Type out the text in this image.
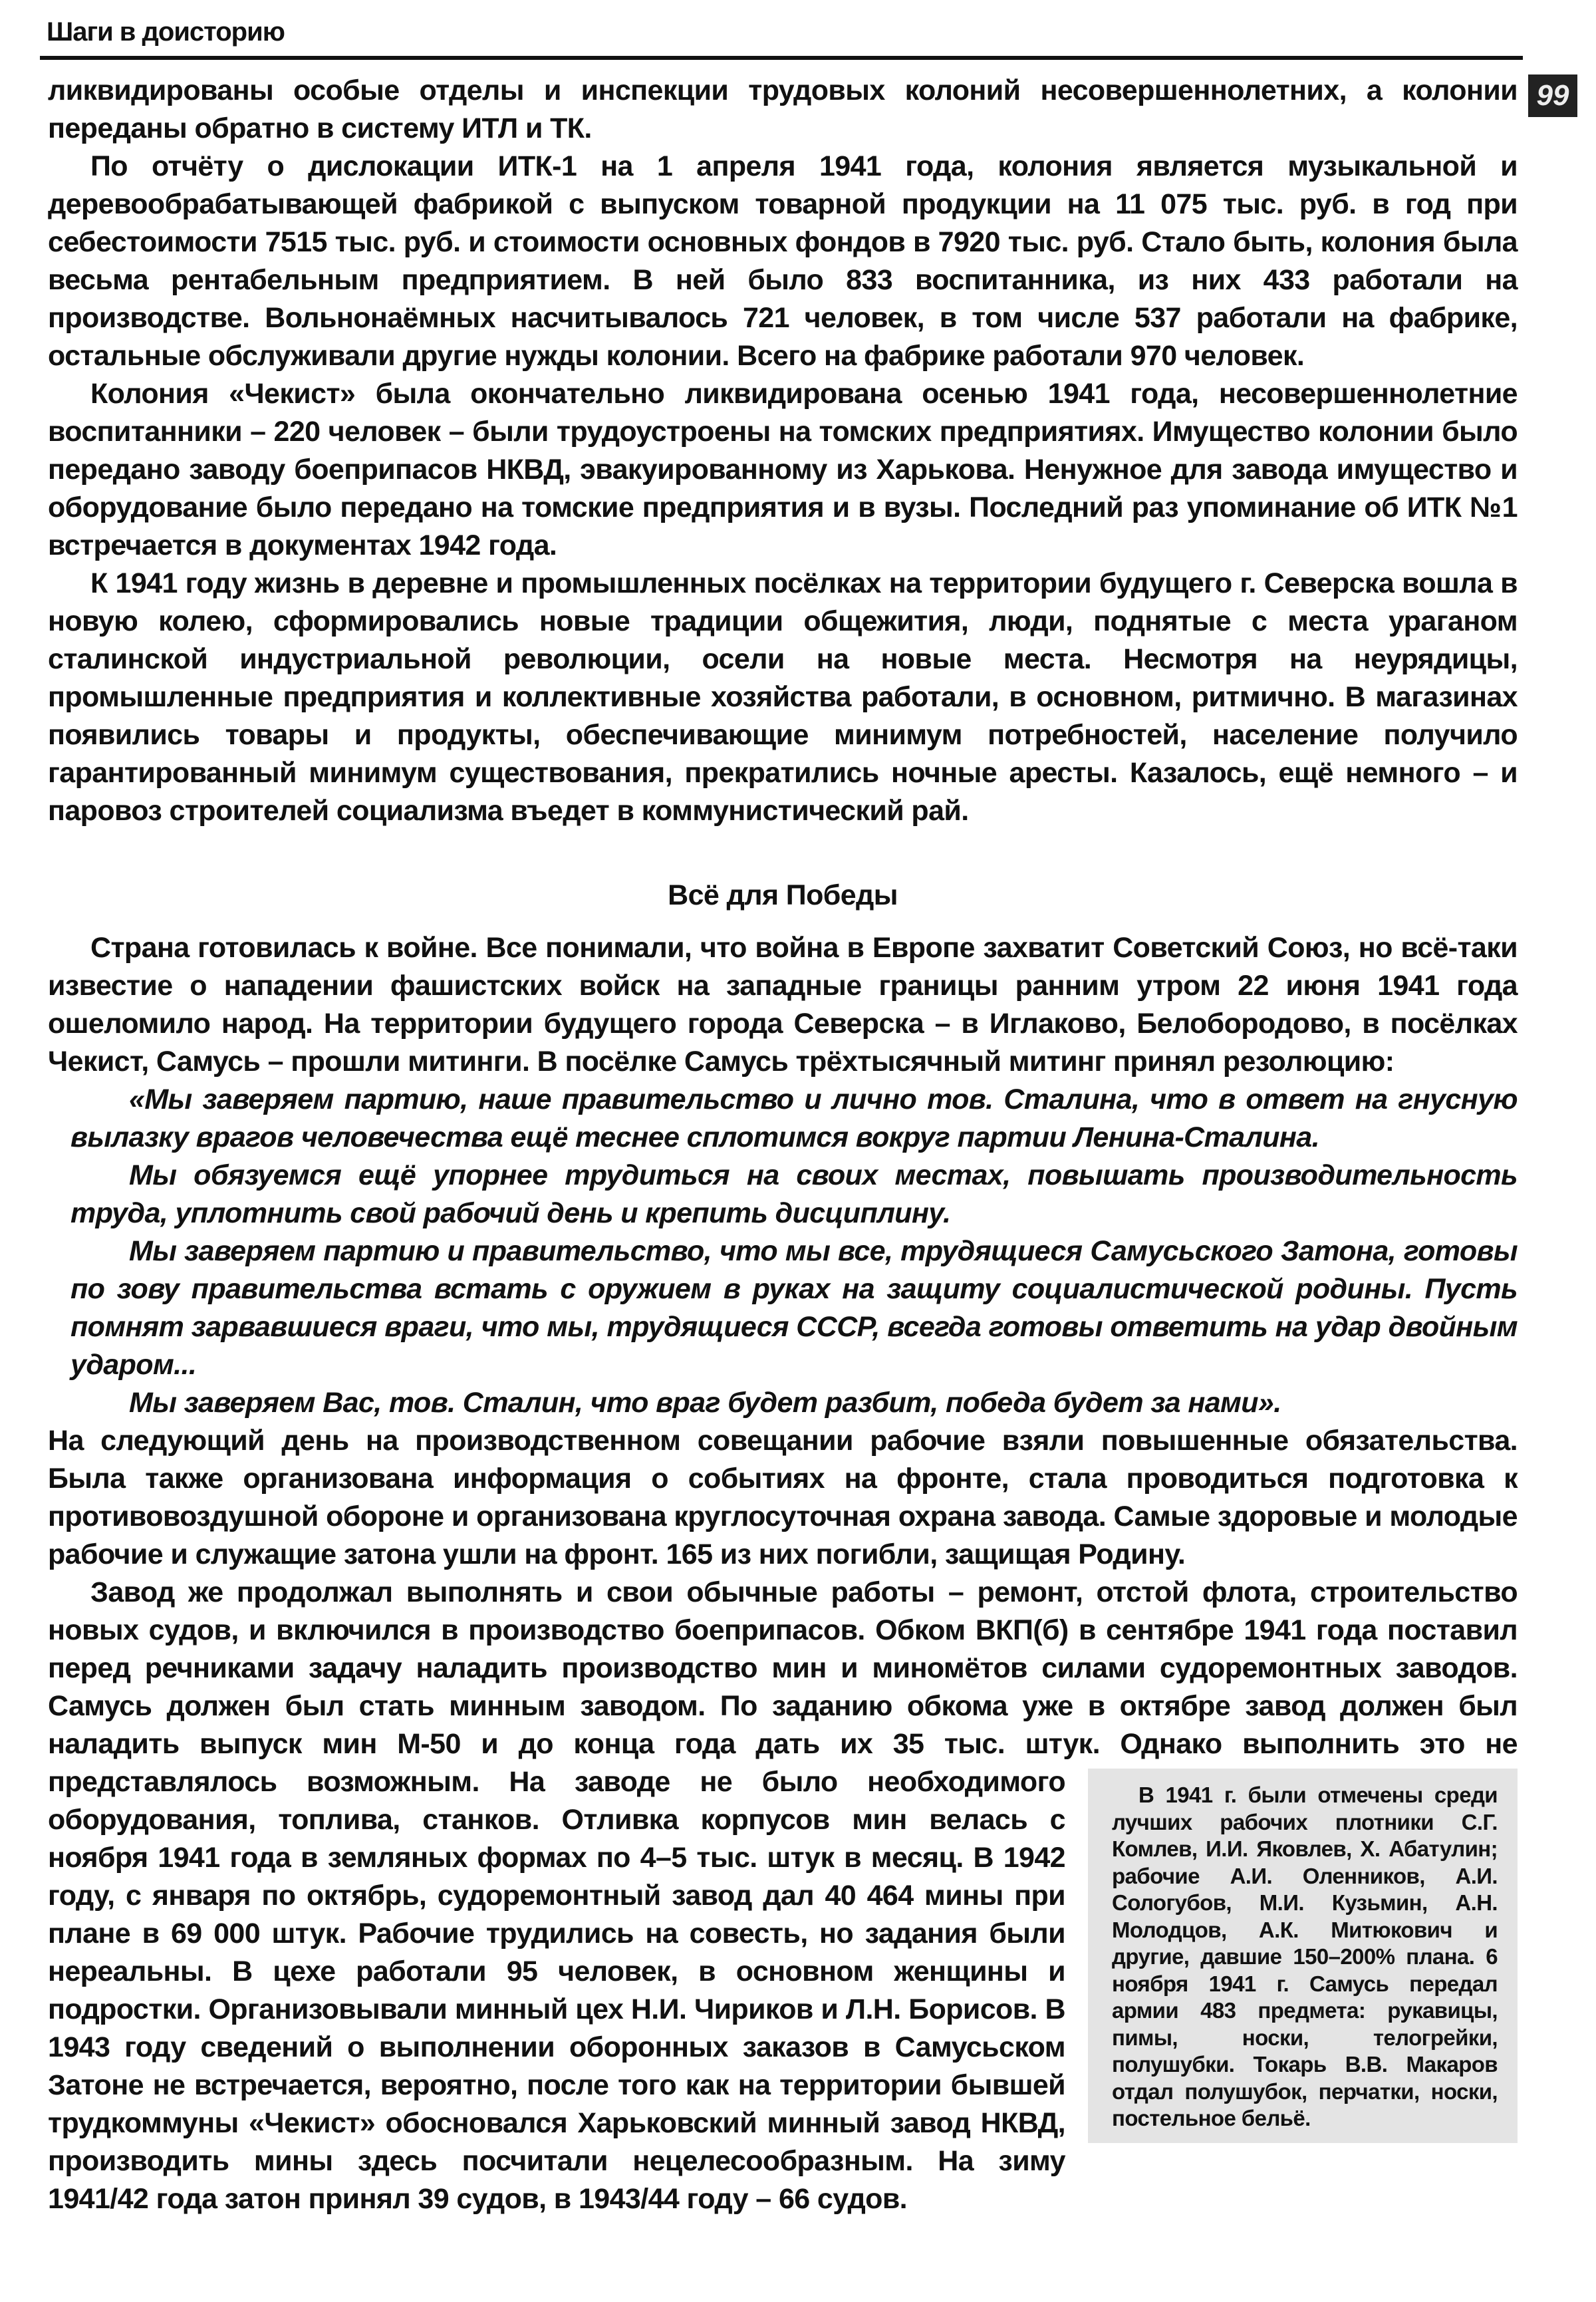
Шаги в доисторию
99

ликвидированы особые отделы и инспекции трудовых колоний несовершеннолетних, а колонии переданы обратно в систему ИТЛ и ТК.

По отчёту о дислокации ИТК-1 на 1 апреля 1941 года, колония является музыкальной и деревообрабатывающей фабрикой с выпуском товарной продукции на 11 075 тыс. руб. в год при себестоимости 7515 тыс. руб. и стоимости основных фондов в 7920 тыс. руб. Стало быть, колония была весьма рентабельным предприятием. В ней было 833 воспитанника, из них 433 работали на производстве. Вольнонаёмных насчитывалось 721 человек, в том числе 537 работали на фабрике, остальные обслуживали другие нужды колонии. Всего на фабрике работали 970 человек.

Колония «Чекист» была окончательно ликвидирована осенью 1941 года, несовершеннолетние воспитанники – 220 человек – были трудоустроены на томских предприятиях. Имущество колонии было передано заводу боеприпасов НКВД, эвакуированному из Харькова. Ненужное для завода имущество и оборудование было передано на томские предприятия и в вузы. Последний раз упоминание об ИТК №1 встречается в документах 1942 года.

К 1941 году жизнь в деревне и промышленных посёлках на территории будущего г. Северска вошла в новую колею, сформировались новые традиции общежития, люди, поднятые с места ураганом сталинской индустриальной революции, осели на новые места. Несмотря на неурядицы, промышленные предприятия и коллективные хозяйства работали, в основном, ритмично. В магазинах появились товары и продукты, обеспечивающие минимум потребностей, население получило гарантированный минимум существования, прекратились ночные аресты. Казалось, ещё немного – и паровоз строителей социализма въедет в коммунистический рай.

Всё для Победы

Страна готовилась к войне. Все понимали, что война в Европе захватит Советский Союз, но всё-таки известие о нападении фашистских войск на западные границы ранним утром 22 июня 1941 года ошеломило народ. На территории будущего города Северска – в Иглаково, Белобородово, в посёлках Чекист, Самусь – прошли митинги. В посёлке Самусь трёхтысячный митинг принял резолюцию:

«Мы заверяем партию, наше правительство и лично тов. Сталина, что в ответ на гнусную вылазку врагов человечества ещё теснее сплотимся вокруг партии Ленина-Сталина.

Мы обязуемся ещё упорнее трудиться на своих местах, повышать производительность труда, уплотнить свой рабочий день и крепить дисциплину.

Мы заверяем партию и правительство, что мы все, трудящиеся Самусьского Затона, готовы по зову правительства встать с оружием в руках на защиту социалистической родины. Пусть помнят зарвавшиеся враги, что мы, трудящиеся СССР, всегда готовы ответить на удар двойным ударом...

Мы заверяем Вас, тов. Сталин, что враг будет разбит, победа будет за нами».

На следующий день на производственном совещании рабочие взяли повышенные обязательства. Была также организована информация о событиях на фронте, стала проводиться подготовка к противовоздушной обороне и организована круглосуточная охрана завода. Самые здоровые и молодые рабочие и служащие затона ушли на фронт. 165 из них погибли, защищая Родину.

В 1941 г. были отмечены среди лучших рабочих плотники С.Г. Комлев, И.И. Яковлев, Х. Абатулин; рабочие А.И. Оленников, А.И. Сологубов, М.И. Кузьмин, А.Н. Молодцов, А.К. Митюкович и другие, давшие 150–200% плана. 6 ноября 1941 г. Самусь передал армии 483 предмета: рукавицы, пимы, носки, телогрейки, полушубки. Токарь В.В. Макаров отдал полушубок, перчатки, носки, постельное бельё.
Завод же продолжал выполнять и свои обычные работы – ремонт, отстой флота, строительство новых судов, и включился в производство боеприпасов. Обком ВКП(б) в сентябре 1941 года поставил перед речниками задачу наладить производство мин и миномётов силами судоремонтных заводов. Самусь должен был стать минным заводом. По заданию обкома уже в октябре завод должен был наладить выпуск мин М-50 и до конца года дать их 35 тыс. штук. Однако выполнить это не представлялось возможным. На заводе не было необходимого оборудования, топлива, станков. Отливка корпусов мин велась с ноября 1941 года в земляных формах по 4–5 тыс. штук в месяц. В 1942 году, с января по октябрь, судоремонтный завод дал 40 464 мины при плане в 69 000 штук. Рабочие трудились на совесть, но задания были нереальны. В цехе работали 95 человек, в основном женщины и подростки. Организовывали минный цех Н.И. Чириков и Л.Н. Борисов. В 1943 году сведений о выполнении оборонных заказов в Самусьском Затоне не встречается, вероятно, после того как на территории бывшей трудкоммуны «Чекист» обосновался Харьковский минный завод НКВД, производить мины здесь посчитали нецелесообразным. На зиму 1941/42 года затон принял 39 судов, в 1943/44 году – 66 судов.
